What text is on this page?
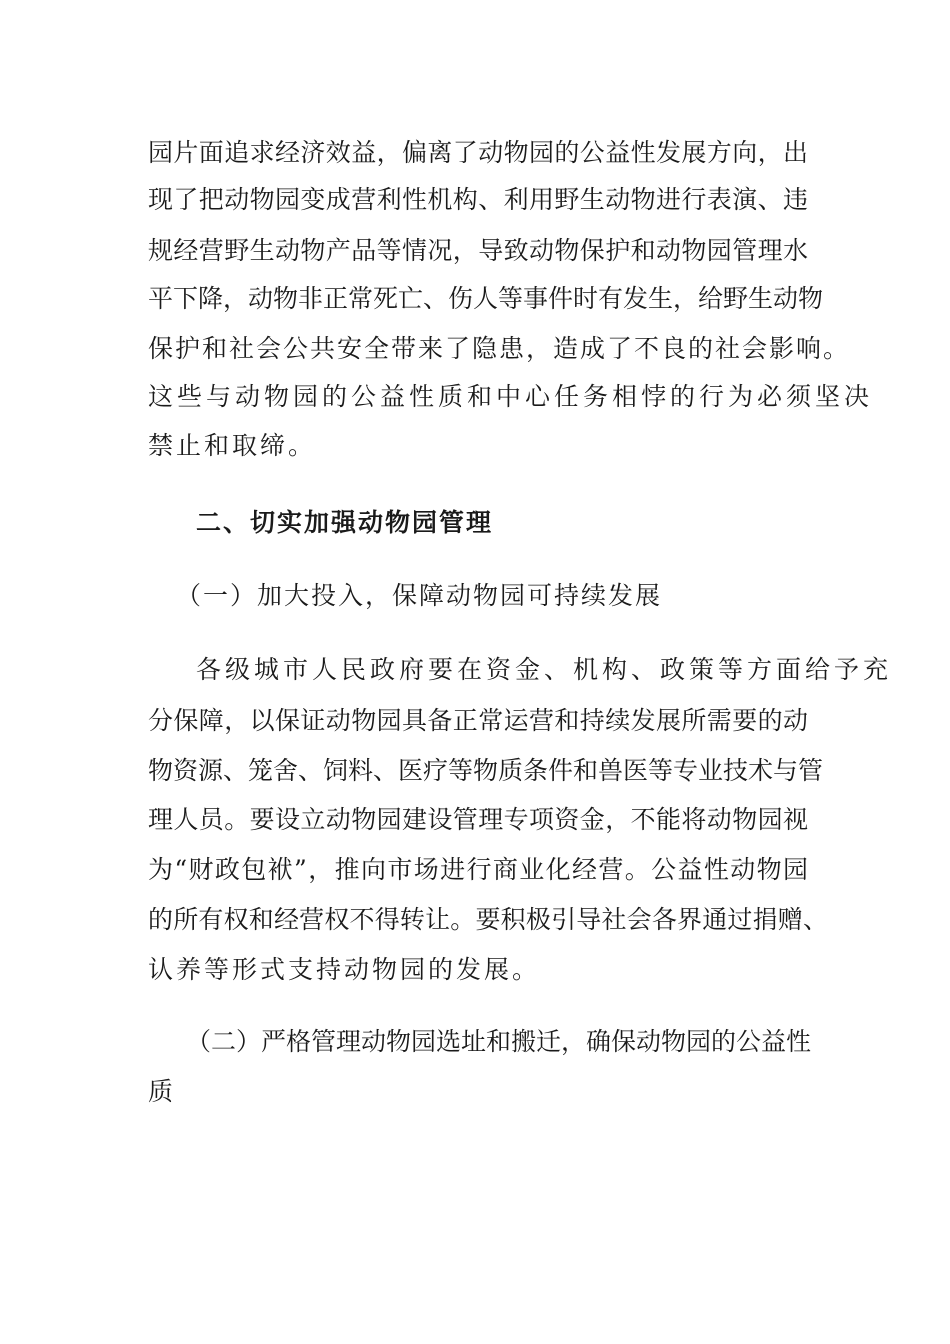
园片面追求经济效益，偏离了动物园的公益性发展方向，出
现了把动物园变成营利性机构、利用野生动物进行表演、违
规经营野生动物产品等情况，导致动物保护和动物园管理水
平下降，动物非正常死亡、伤人等事件时有发生，给野生动物
保护和社会公共安全带来了隐患，造成了不良的社会影响。
这些与动物园的公益性质和中心任务相悖的行为必须坚决
禁止和取缔。
二、切实加强动物园管理
（一）加大投入，保障动物园可持续发展
各级城市人民政府要在资金、机构、政策等方面给予充
分保障，以保证动物园具备正常运营和持续发展所需要的动
物资源、笼舍、饲料、医疗等物质条件和兽医等专业技术与管
理人员。要设立动物园建设管理专项资金，不能将动物园视
为“财政包袱”，推向市场进行商业化经营。公益性动物园
的所有权和经营权不得转让。要积极引导社会各界通过捐赠、
认养等形式支持动物园的发展。
（二）严格管理动物园选址和搬迁，确保动物园的公益性
质
